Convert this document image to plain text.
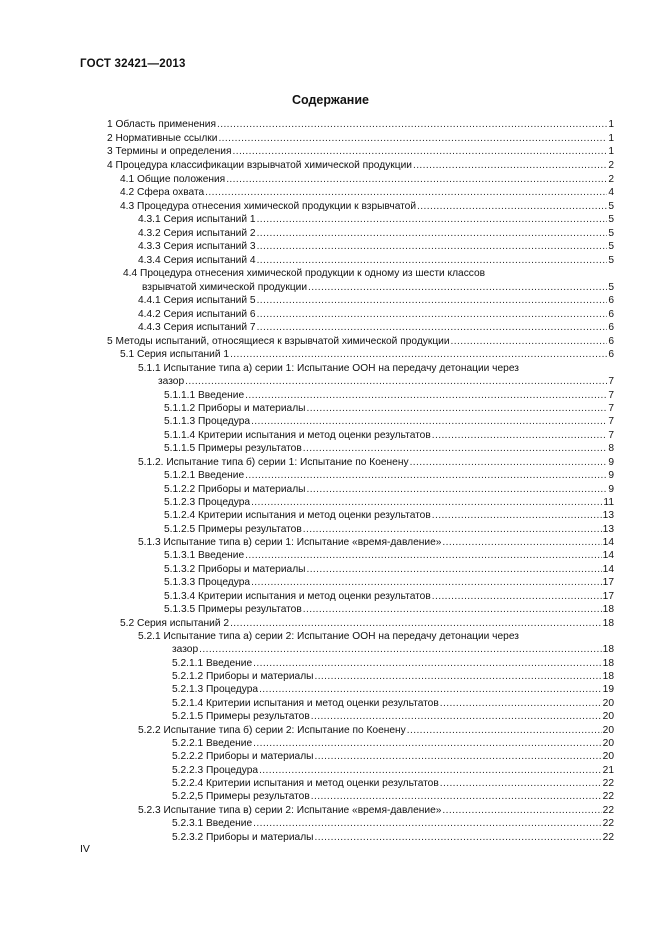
ГОСТ 32421—2013
Содержание
1 Область применения .....	1
2 Нормативные ссылки .....	1
3 Термины и определения .....	1
4 Процедура классификации взрывчатой химической продукции .....	2
4.1 Общие положения .....	2
4.2 Сфера охвата .....	4
4.3 Процедура отнесения химической продукции к взрывчатой .....	5
4.3.1 Серия испытаний 1 .....	5
4.3.2 Серия испытаний 2 .....	5
4.3.3 Серия испытаний 3 .....	5
4.3.4 Серия испытаний 4 .....	5
4.4 Процедура отнесения химической продукции к одному из шести классов
взрывчатой химической продукции .....	5
4.4.1 Серия испытаний 5 .....	6
4.4.2 Серия испытаний 6 .....	6
4.4.3 Серия испытаний 7 .....	6
5 Методы испытаний, относящиеся к взрывчатой химической продукции .....	6
5.1 Серия испытаний 1 .....	6
5.1.1 Испытание типа а) серии 1: Испытание ООН на передачу детонации через
зазор .....	7
5.1.1.1 Введение .....	7
5.1.1.2 Приборы и материалы .....	7
5.1.1.3 Процедура .....	7
5.1.1.4 Критерии испытания и метод оценки результатов .....	7
5.1.1.5 Примеры результатов .....	8
5.1.2. Испытание типа б) серии 1: Испытание по Коенену .....	9
5.1.2.1 Введение .....	9
5.1.2.2 Приборы и материалы .....	9
5.1.2.3 Процедура .....	11
5.1.2.4 Критерии испытания и метод оценки результатов .....	13
5.1.2.5 Примеры результатов .....	13
5.1.3 Испытание типа в) серии 1: Испытание «время-давление» .....	14
5.1.3.1 Введение .....	14
5.1.3.2 Приборы и материалы .....	14
5.1.3.3 Процедура .....	17
5.1.3.4 Критерии испытания и метод оценки результатов .....	17
5.1.3.5 Примеры результатов .....	18
5.2 Серия испытаний 2 .....	18
5.2.1 Испытание типа а) серии 2: Испытание ООН на передачу детонации через
зазор .....	18
5.2.1.1 Введение .....	18
5.2.1.2 Приборы и материалы .....	18
5.2.1.3 Процедура .....	19
5.2.1.4 Критерии испытания и метод оценки результатов .....	20
5.2.1.5 Примеры результатов .....	20
5.2.2 Испытание типа б) серии 2: Испытание по Коенену .....	20
5.2.2.1 Введение .....	20
5.2.2.2 Приборы и материалы .....	20
5.2.2.3 Процедура .....	21
5.2.2.4 Критерии испытания и метод оценки результатов .....	22
5.2.2,5 Примеры результатов .....	22
5.2.3 Испытание типа в) серии 2: Испытание «время-давление» .....	22
5.2.3.1 Введение .....	22
5.2.3.2 Приборы и материалы .....	22
IV
